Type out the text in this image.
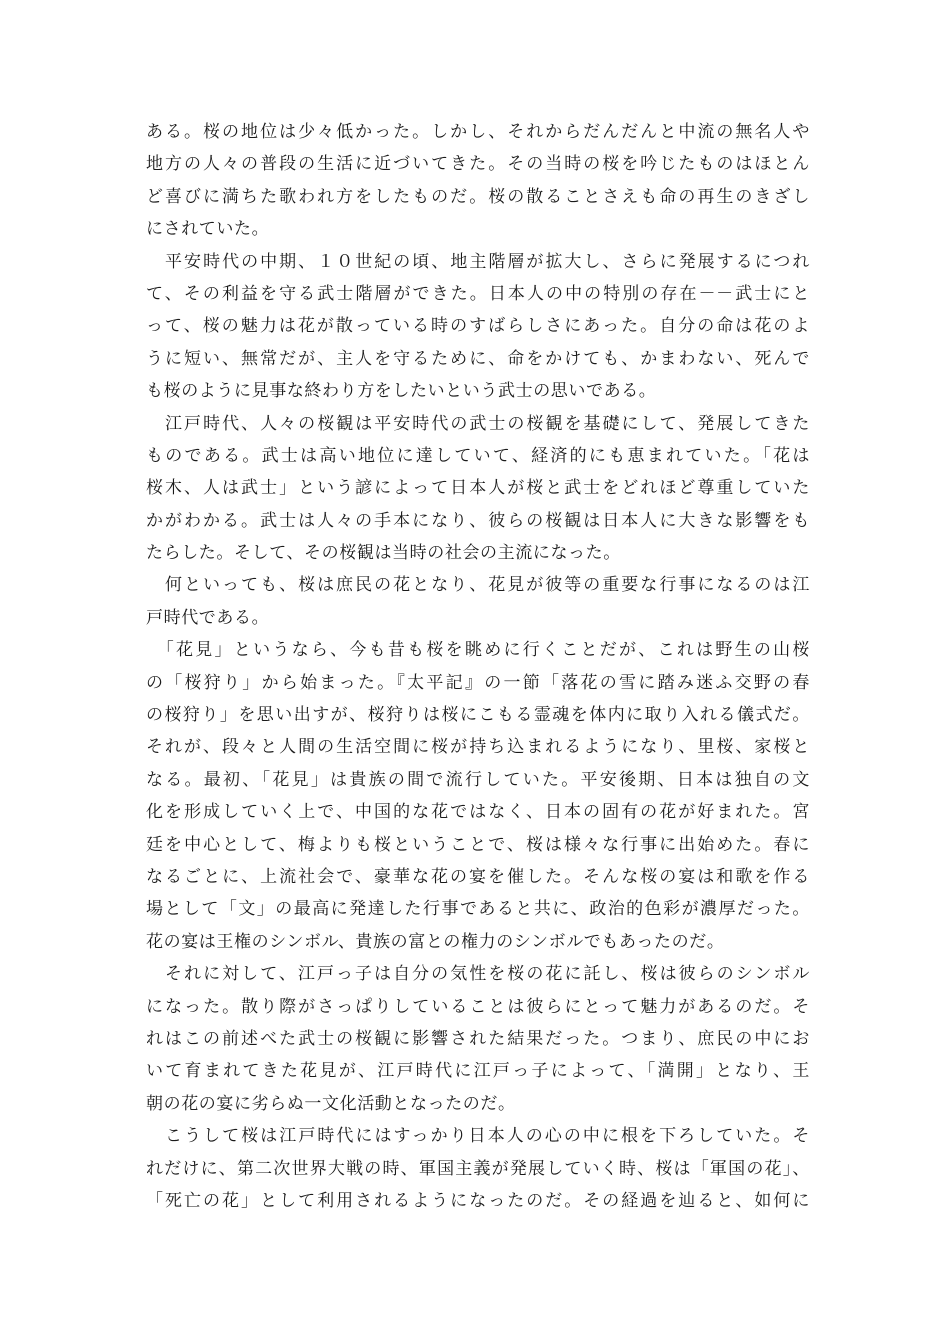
ある。桜の地位は少々低かった。しかし、それからだんだんと中流の無名人や
地方の人々の普段の生活に近づいてきた。その当時の桜を吟じたものはほとん
ど喜びに満ちた歌われ方をしたものだ。桜の散ることさえも命の再生のきざし
にされていた。
　平安時代の中期、１０世紀の頃、地主階層が拡大し、さらに発展するにつれ
て、その利益を守る武士階層ができた。日本人の中の特別の存在－－武士にと
って、桜の魅力は花が散っている時のすばらしさにあった。自分の命は花のよ
うに短い、無常だが、主人を守るために、命をかけても、かまわない、死んで
も桜のように見事な終わり方をしたいという武士の思いである。
　江戸時代、人々の桜観は平安時代の武士の桜観を基礎にして、発展してきた
ものである。武士は高い地位に達していて、経済的にも恵まれていた。「花は
桜木、人は武士」という諺によって日本人が桜と武士をどれほど尊重していた
かがわかる。武士は人々の手本になり、彼らの桜観は日本人に大きな影響をも
たらした。そして、その桜観は当時の社会の主流になった。
　何といっても、桜は庶民の花となり、花見が彼等の重要な行事になるのは江
戸時代である。
　「花見」というなら、今も昔も桜を眺めに行くことだが、これは野生の山桜
の「桜狩り」から始まった。『太平記』の一節「落花の雪に踏み迷ふ交野の春
の桜狩り」を思い出すが、桜狩りは桜にこもる霊魂を体内に取り入れる儀式だ。
それが、段々と人間の生活空間に桜が持ち込まれるようになり、里桜、家桜と
なる。最初、「花見」は貴族の間で流行していた。平安後期、日本は独自の文
化を形成していく上で、中国的な花ではなく、日本の固有の花が好まれた。宮
廷を中心として、梅よりも桜ということで、桜は様々な行事に出始めた。春に
なるごとに、上流社会で、豪華な花の宴を催した。そんな桜の宴は和歌を作る
場として「文」の最高に発達した行事であると共に、政治的色彩が濃厚だった。
花の宴は王権のシンボル、貴族の富との権力のシンボルでもあったのだ。
　それに対して、江戸っ子は自分の気性を桜の花に託し、桜は彼らのシンボル
になった。散り際がさっぱりしていることは彼らにとって魅力があるのだ。そ
れはこの前述べた武士の桜観に影響された結果だった。つまり、庶民の中にお
いて育まれてきた花見が、江戸時代に江戸っ子によって、「満開」となり、王
朝の花の宴に劣らぬ一文化活動となったのだ。
　こうして桜は江戸時代にはすっかり日本人の心の中に根を下ろしていた。そ
れだけに、第二次世界大戦の時、軍国主義が発展していく時、桜は「軍国の花」、
「死亡の花」として利用されるようになったのだ。その経過を辿ると、如何に
